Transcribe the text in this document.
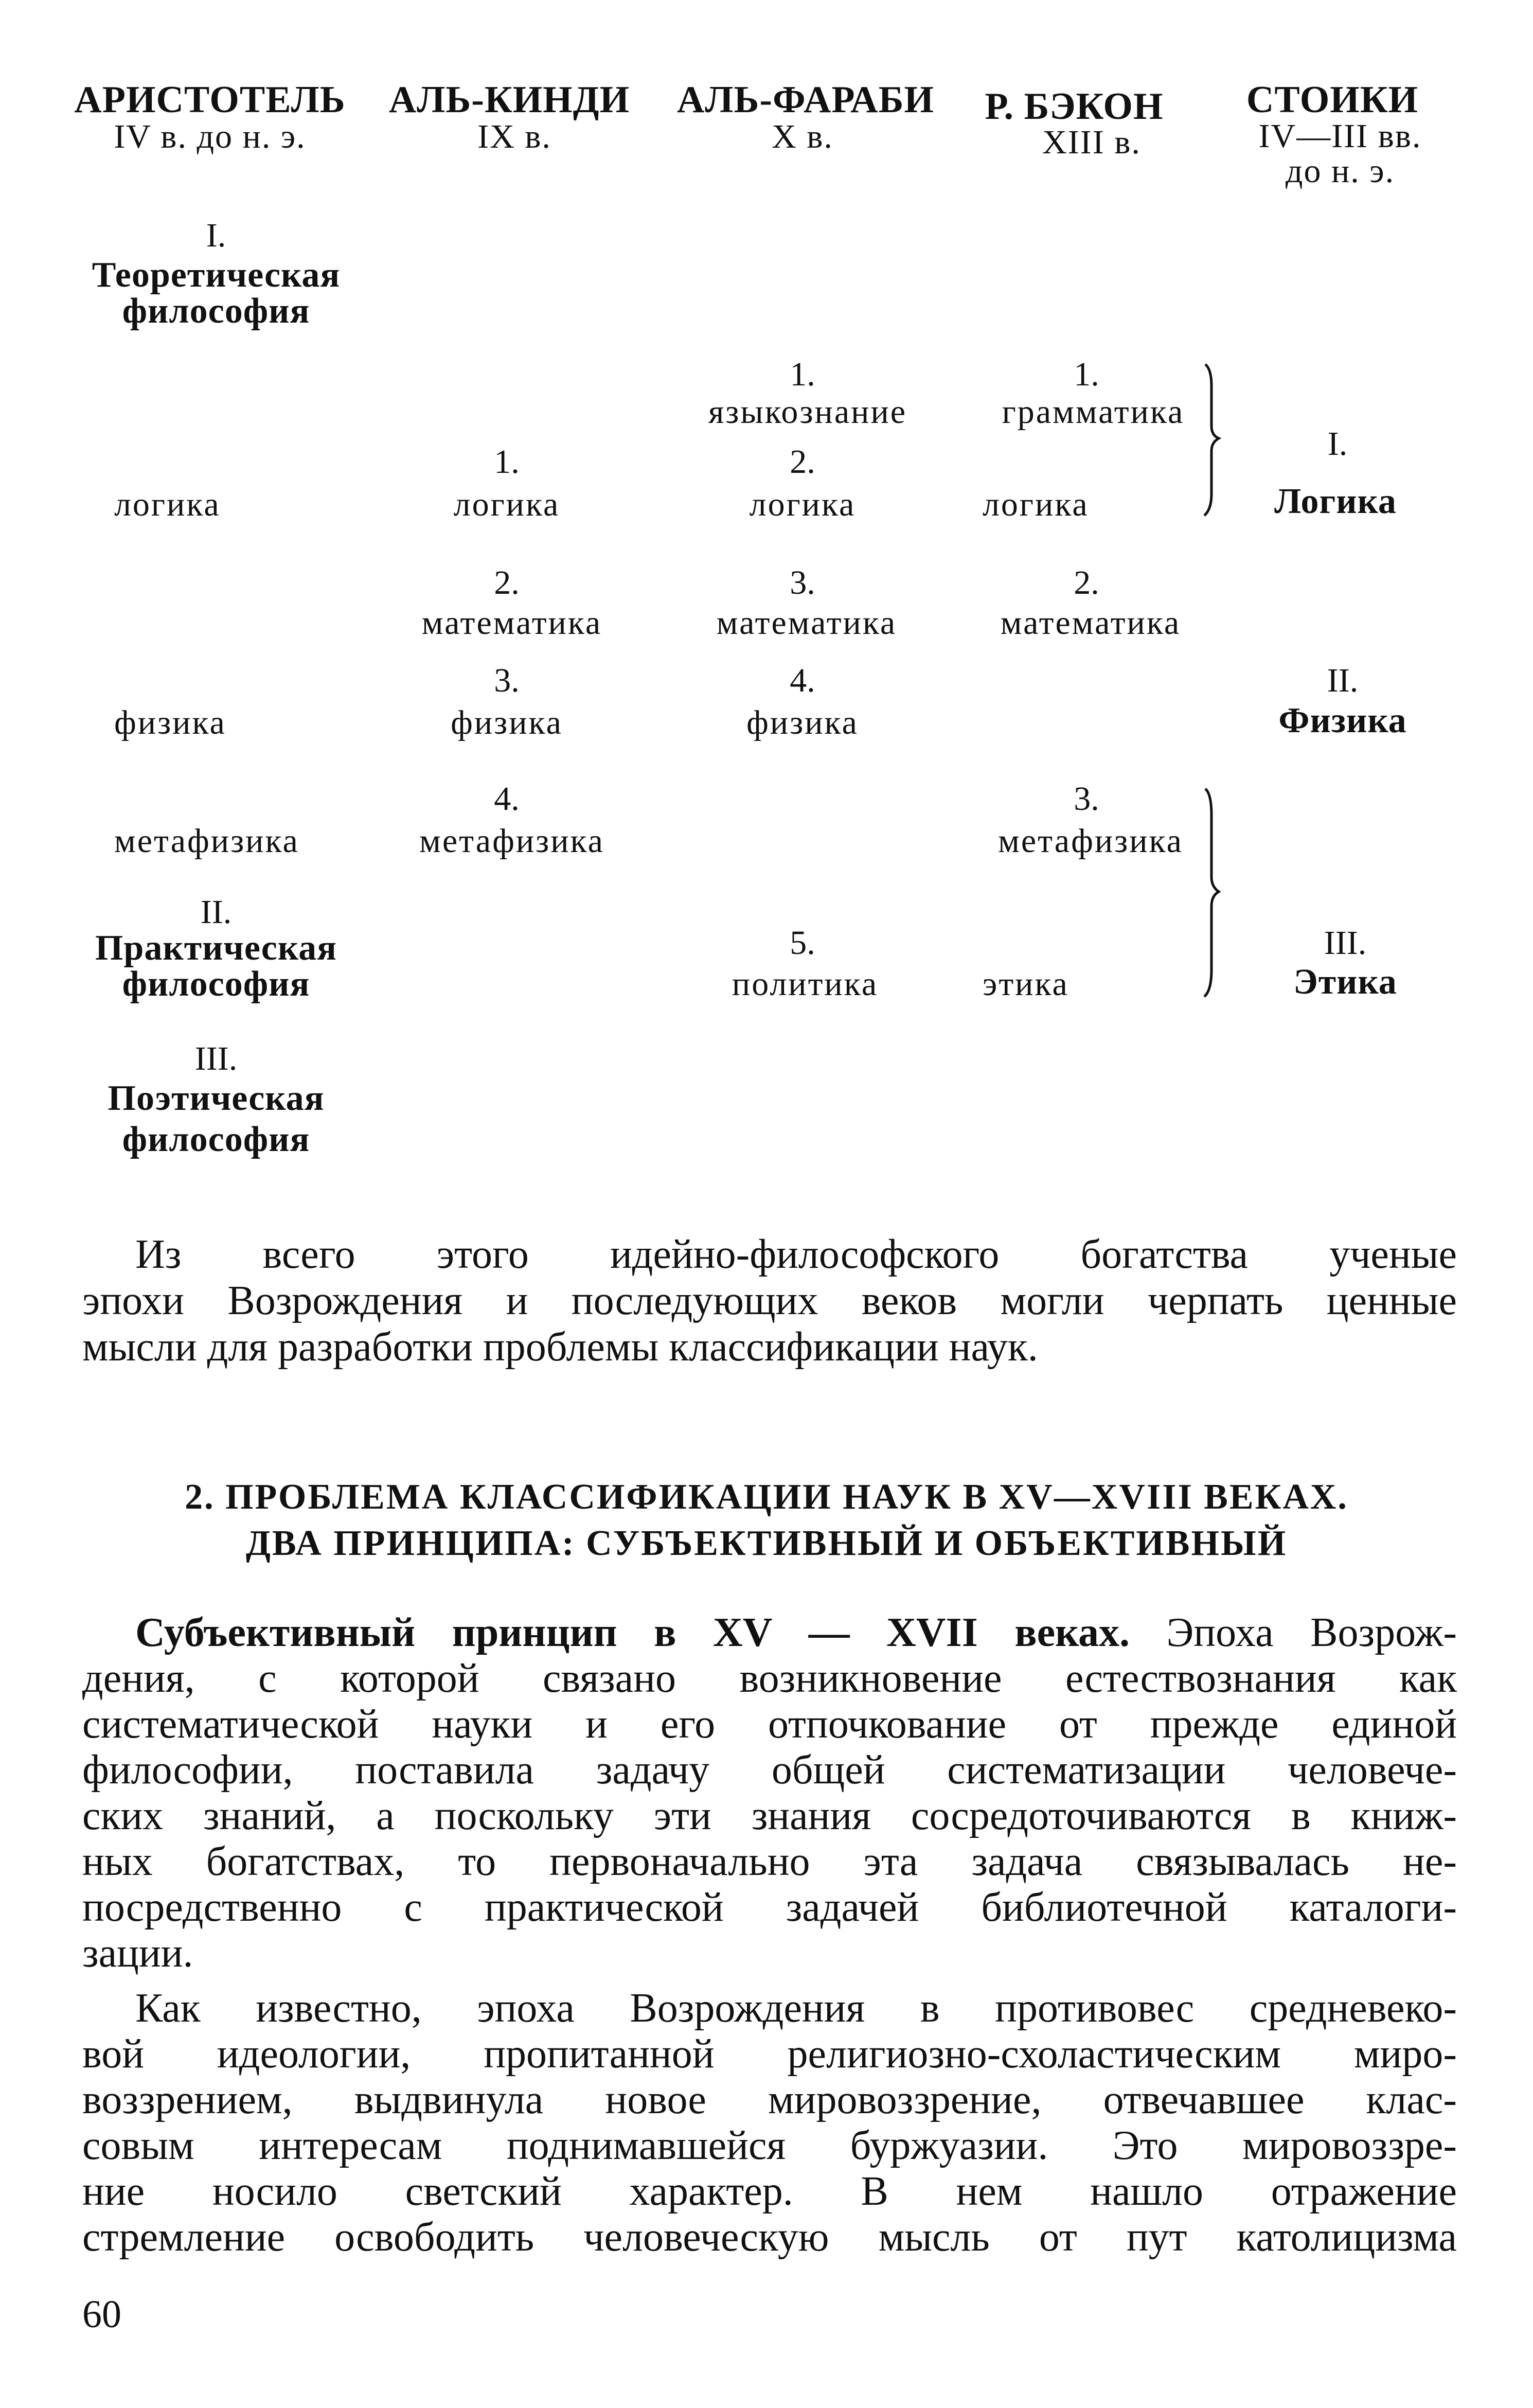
АРИСТОТЕЛЬ
IV в. до н. э.
АЛЬ-КИНДИ
IX в.
АЛЬ-ФАРАБИ
X в.
Р. БЭКОН
XIII в.
СТОИКИ
IV—III вв.
до н. э.
I.
Теоретическая
философия
логика
физика
метафизика
II.
Практическая
философия
III.
Поэтическая
философия
1.
логика
2.
математика
3.
физика
4.
метафизика
1.
языкознание
2.
логика
3.
математика
4.
физика
5.
политика
1.
грамматика
логика
2.
математика
3.
метафизика
этика
I.
Логика
II.
Физика
III.
Этика
Из всего этого идейно-философского богатства ученые
эпохи Возрождения и последующих веков могли черпать ценные
мысли для разработки проблемы классификации наук.
2. ПРОБЛЕМА КЛАССИФИКАЦИИ НАУК В XV—XVIII ВЕКАХ.
ДВА ПРИНЦИПА: СУБЪЕКТИВНЫЙ И ОБЪЕКТИВНЫЙ
Субъективный принцип в XV — XVII веках. Эпоха Возрож-
дения, с которой связано возникновение естествознания как
систематической науки и его отпочкование от прежде единой
философии, поставила задачу общей систематизации человече-
ских знаний, а поскольку эти знания сосредоточиваются в книж-
ных богатствах, то первоначально эта задача связывалась не-
посредственно с практической задачей библиотечной каталоги-
зации.
Как известно, эпоха Возрождения в противовес средневеко-
вой идеологии, пропитанной религиозно-схоластическим миро-
воззрением, выдвинула новое мировоззрение, отвечавшее клас-
совым интересам поднимавшейся буржуазии. Это мировоззре-
ние носило светский характер. В нем нашло отражение
стремление освободить человеческую мысль от пут католицизма
60
